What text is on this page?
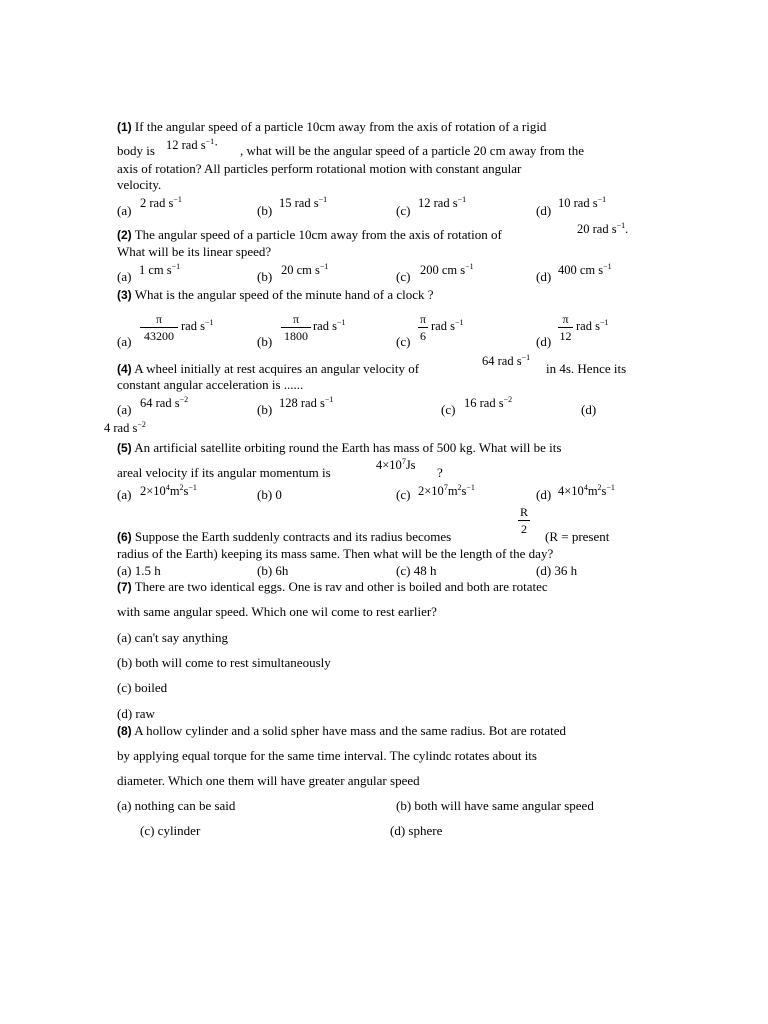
(1) If the angular speed of a particle 10cm away from the axis of rotation of a rigid
body is 12 rad $s^{-1}\cdot$ , what will be the angular speed of a particle 20 cm away from the
axis of rotation? All particles perform rotational motion with constant angular
velocity.
(a) 2 rad $s^{-1}$
(b) 15 rad $s^{-1}$
(c) 12 rad $s^{-1}$
(d) 10 rad $s^{-1}$
(2) The angular speed of a particle 10cm away from the axis of rotation of	20 rad $s^{-1}$.
What will be its linear speed?
(a) 1 cm $s^{-1}$
(b) 20 cm $s^{-1}$
(c) 200 cm $s^{-1}$
(d) 400 cm $s^{-1}$
(3) What is the angular speed of the minute hand of a clock ?
(a)
π
43200
rad $s^{-1}$
(b)
π
1800
rad $s^{-1}$
(c)
π
6
rad $s^{-1}$
(d)
π
12
rad $s^{-1}$
(4) A wheel initially at rest acquires an angular velocity of	64 rad $s^{-1}$
in 4s. Hence its
constant angular acceleration is ......
(a) 64 rad $s^{-2}$
(b) 128 rad $s^{-1}$
(c) 16 rad $s^{-2}$
(d)
4 rad $s^{-2}$
(5) An artificial satellite orbiting round the Earth has mass of 500 kg. What will be its
areal velocity if its angular momentum is	$4\times 10^7Js$ ?
(a) $2\times 10^4m^2s^{-1}$	(b) 0	(c) $2\times 10^7m^2s^{-1}$	(d) $4\times 10^4m^2s^{-1}$
(6) Suppose the Earth suddenly contracts and its radius becomes
R
2 (R = present
radius of the Earth) keeping its mass same. Then what will be the length of the day?
(a) 1.5 h	(b) 6h	(c) 48 h	(d) 36 h
(7) There are two identical eggs. One is rav and other is boiled and both are rotatec
with same angular speed. Which one wil come to rest earlier?
(a) can't say anything
(b) both will come to rest simultaneously
(c) boiled
(d) raw
(8) A hollow cylinder and a solid spher have mass and the same radius. Bot are rotated
by applying equal torque for the same time interval. The cylindc rotates about its
diameter. Which one them will have greater angular speed
(a) nothing can be said	(b) both will have same angular speed
(c) cylinder	(d) sphere
